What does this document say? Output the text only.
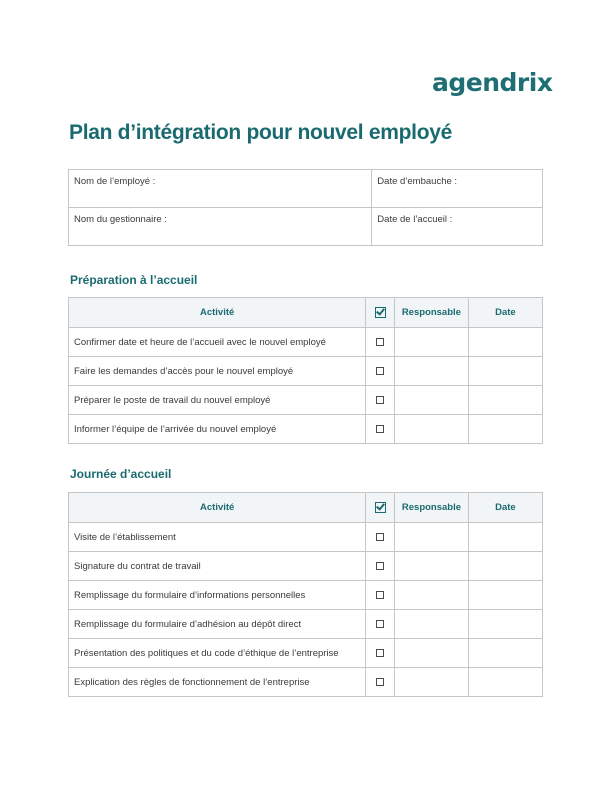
agendrix
Plan d’intégration pour nouvel employé
Nom de l’employé :	Date d’embauche :
Nom du gestionnaire :	Date de l’accueil :
Préparation à l’accueil
Activité		Responsable	Date
Confirmer date et heure de l’accueil avec le nouvel employé			
Faire les demandes d’accès pour le nouvel employé			
Préparer le poste de travail du nouvel employé			
Informer l’équipe de l’arrivée du nouvel employé			
Journée d’accueil
Activité		Responsable	Date
Visite de l’établissement			
Signature du contrat de travail			
Remplissage du formulaire d’informations personnelles			
Remplissage du formulaire d’adhésion au dépôt direct			
Présentation des politiques et du code d’éthique de l’entreprise			
Explication des règles de fonctionnement de l’entreprise			
